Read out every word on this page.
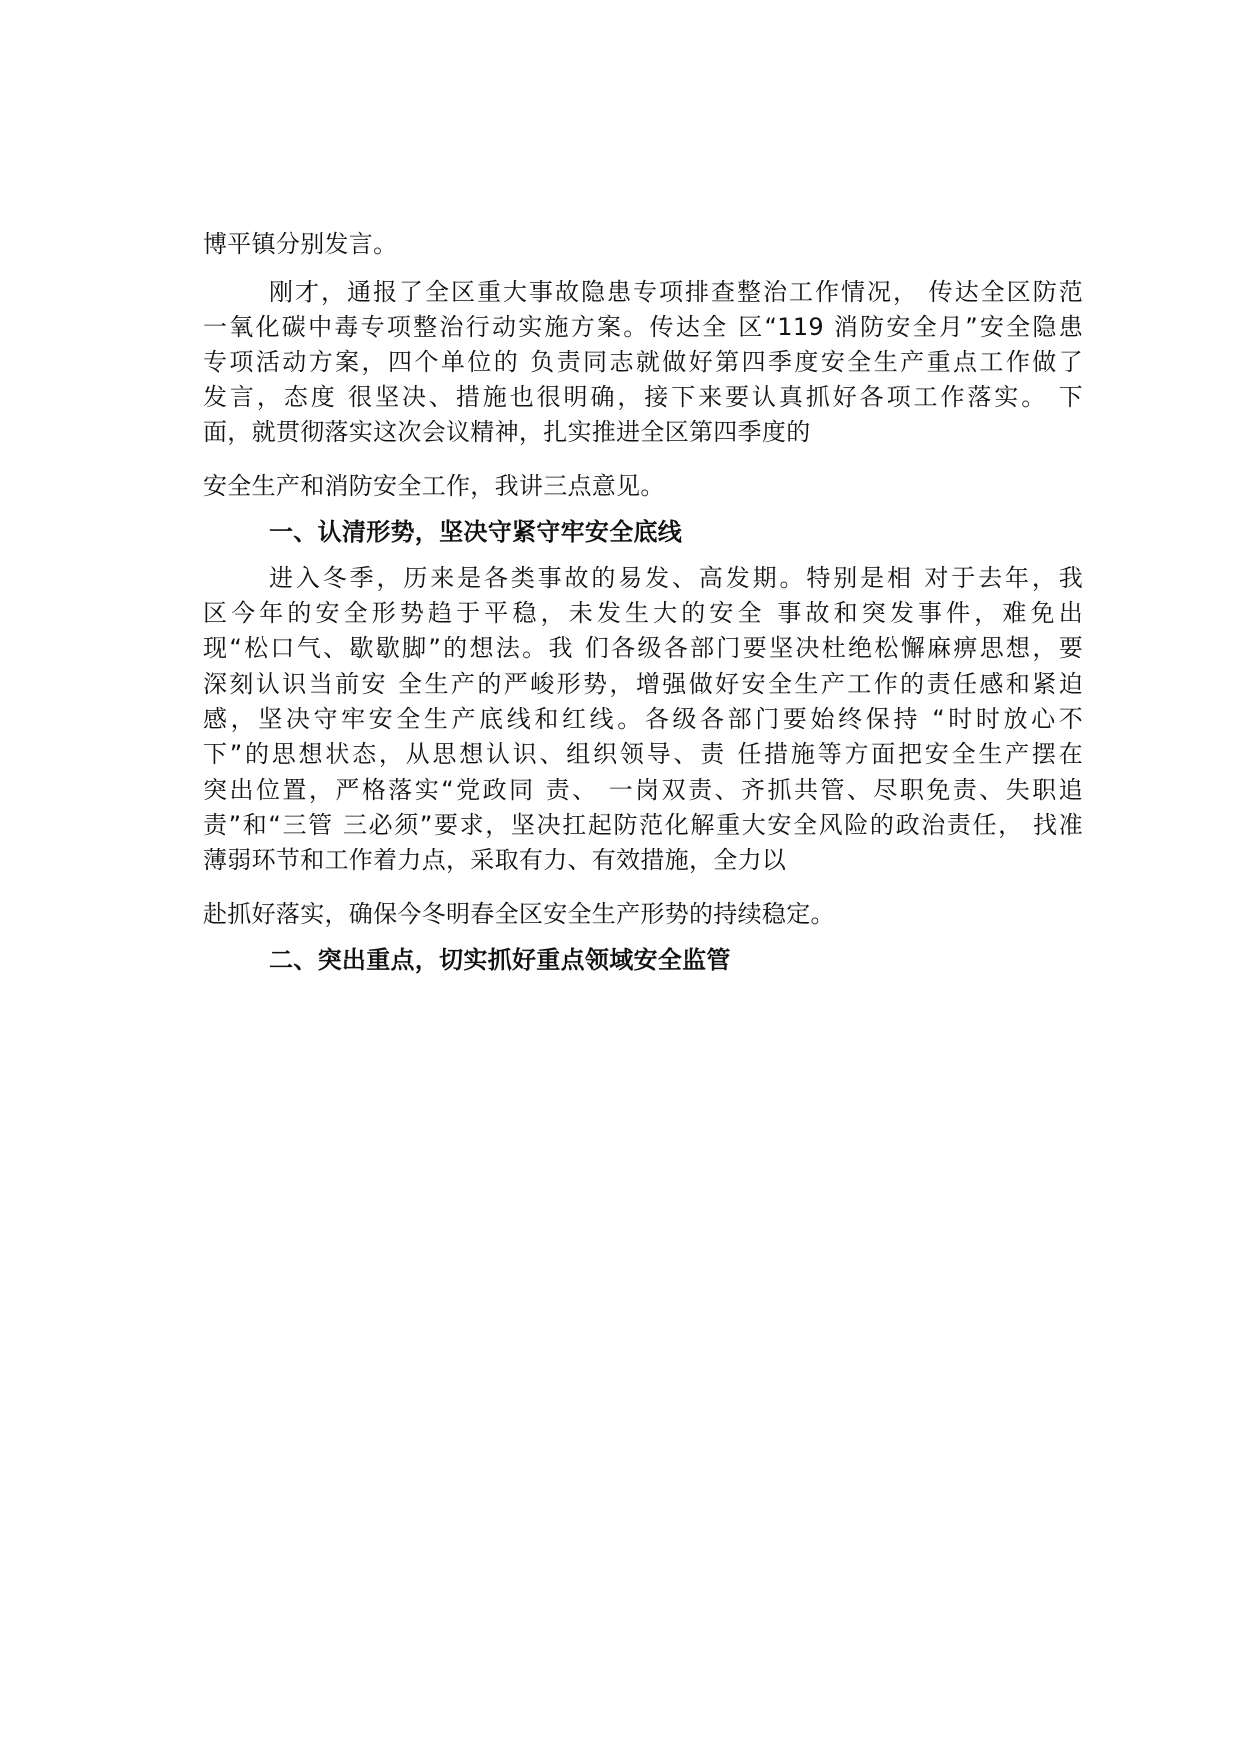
博平镇分别发言。
刚才，通报了全区重大事故隐患专项排查整治工作情况， 传达全区防范
一氧化碳中毒专项整治行动实施方案。传达全 区“119 消防安全月”安全隐患
专项活动方案，四个单位的 负责同志就做好第四季度安全生产重点工作做了
发言，态度 很坚决、措施也很明确，接下来要认真抓好各项工作落实。 下
面，就贯彻落实这次会议精神，扎实推进全区第四季度的
安全生产和消防安全工作，我讲三点意见。
一、认清形势，坚决守紧守牢安全底线
进入冬季，历来是各类事故的易发、高发期。特别是相 对于去年，我
区今年的安全形势趋于平稳，未发生大的安全 事故和突发事件，难免出
现“松口气、歇歇脚”的想法。我 们各级各部门要坚决杜绝松懈麻痹思想，要
深刻认识当前安 全生产的严峻形势，增强做好安全生产工作的责任感和紧迫
感，坚决守牢安全生产底线和红线。各级各部门要始终保持 “时时放心不
下”的思想状态，从思想认识、组织领导、责 任措施等方面把安全生产摆在
突出位置，严格落实“党政同 责、 一岗双责、齐抓共管、尽职免责、失职追
责”和“三管 三必须”要求，坚决扛起防范化解重大安全风险的政治责任， 找准
薄弱环节和工作着力点，采取有力、有效措施，全力以
赴抓好落实，确保今冬明春全区安全生产形势的持续稳定。
二、突出重点，切实抓好重点领域安全监管
